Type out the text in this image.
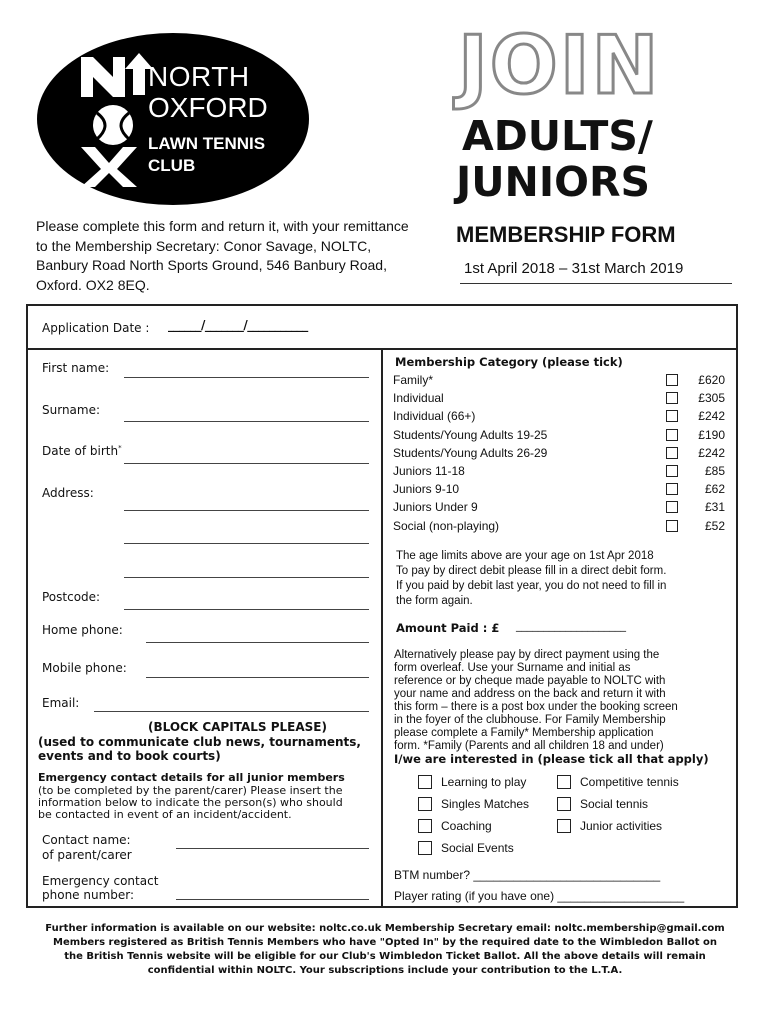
NORTH
OXFORD
LAWN TENNIS
CLUB
JOIN
ADULTS/
JUNIORS
MEMBERSHIP FORM
1st April 2018 – 31st March 2019
Please complete this form and return it, with your remittance to the Membership Secretary: Conor Savage, NOLTC, Banbury Road North Sports Ground, 546 Banbury Road, Oxford. OX2 8EQ.
Application Date : ______/_______/___________
First name:
Surname:
Date of birth*
Address:
Postcode:
Home phone:
Mobile phone:
Email:
(BLOCK CAPITALS PLEASE)
(used to communicate club news, tournaments,
events and to book courts)
Emergency contact details for all junior members
(to be completed by the parent/carer) Please insert the
information below to indicate the person(s) who should
be contacted in event of an incident/accident.
Contact name:
of parent/carer
Emergency contact
phone number:
Membership Category (please tick)
Family*	£620
Individual	£305
Individual (66+)	£242
Students/Young Adults 19-25	£190
Students/Young Adults 26-29	£242
Juniors 11-18	£85
Juniors 9-10	£62
Juniors Under 9	£31
Social (non-playing)	£52
The age limits above are your age on 1st Apr 2018
To pay by direct debit please fill in a direct debit form.
If you paid by debit last year, you do not need to fill in
the form again.
Amount Paid : £ ____________________
Alternatively please pay by direct payment using the
form overleaf. Use your Surname and initial as
reference or by cheque made payable to NOLTC with
your name and address on the back and return it with
this form – there is a post box under the booking screen
in the foyer of the clubhouse. For Family Membership
please complete a Family* Membership application
form. *Family (Parents and all children 18 and under)
I/we are interested in (please tick all that apply)
Learning to play
Singles Matches
Coaching
Social Events
Competitive tennis
Social tennis
Junior activities
BTM number? ____________________________
Player rating (if you have one) ___________________
Further information is available on our website: noltc.co.uk Membership Secretary email: noltc.membership@gmail.com
Members registered as British Tennis Members who have "Opted In" by the required date to the Wimbledon Ballot on
the British Tennis website will be eligible for our Club's Wimbledon Ticket Ballot. All the above details will remain
confidential within NOLTC. Your subscriptions include your contribution to the L.T.A.
